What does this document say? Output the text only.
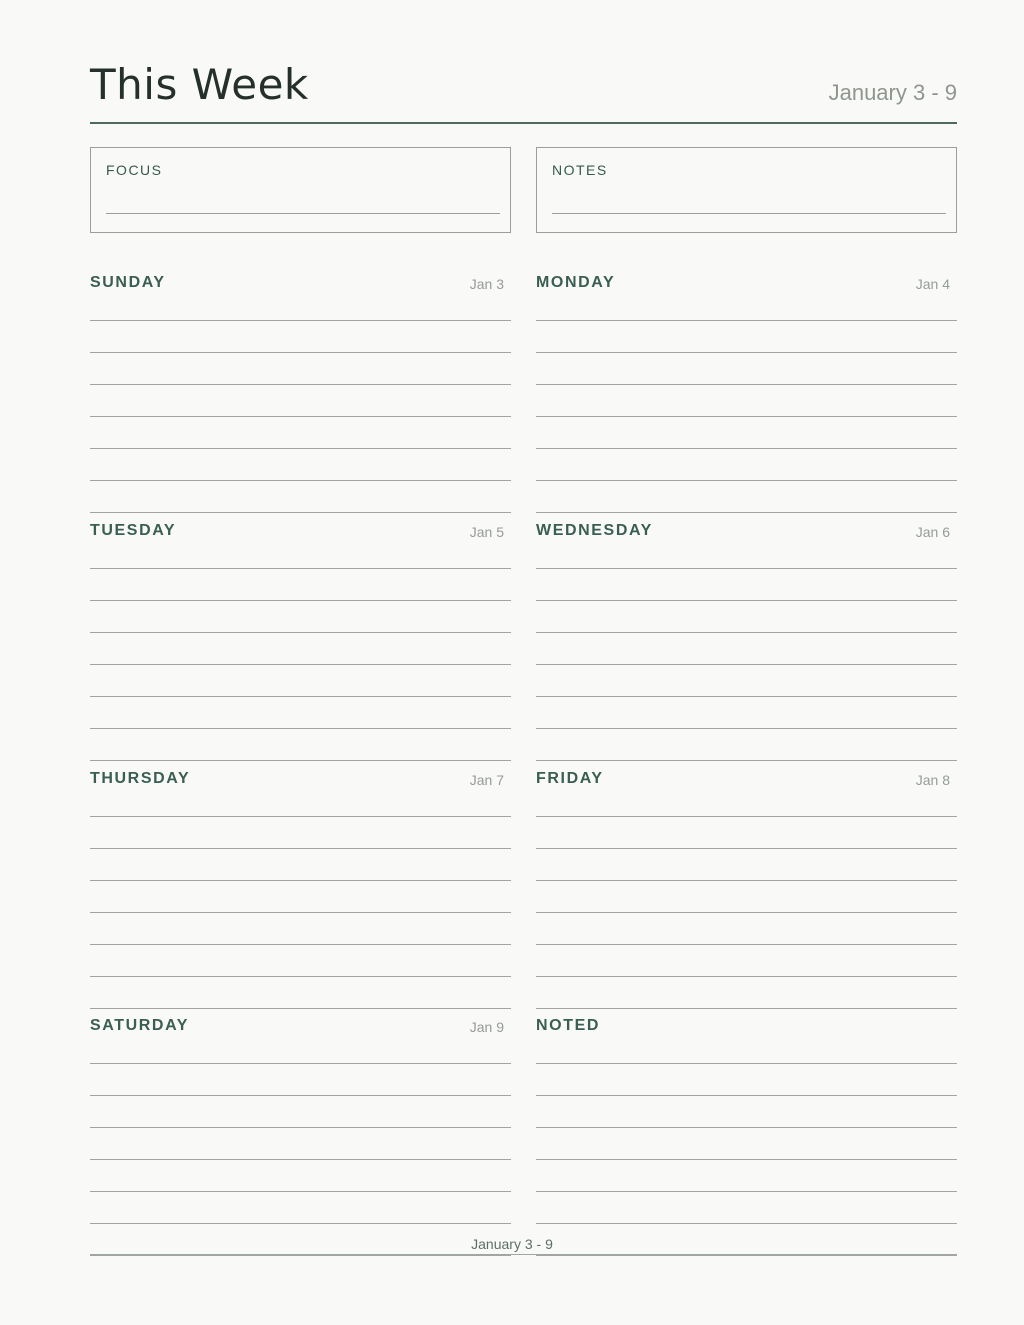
This Week	January 3 - 9
FOCUS	NOTES
SUNDAY	Jan 3 MONDAY	Jan 4
TUESDAY	Jan 5 WEDNESDAY	Jan 6
THURSDAY	Jan 7 FRIDAY	Jan 8
SATURDAY	Jan 9 NOTED
January 3 - 9
